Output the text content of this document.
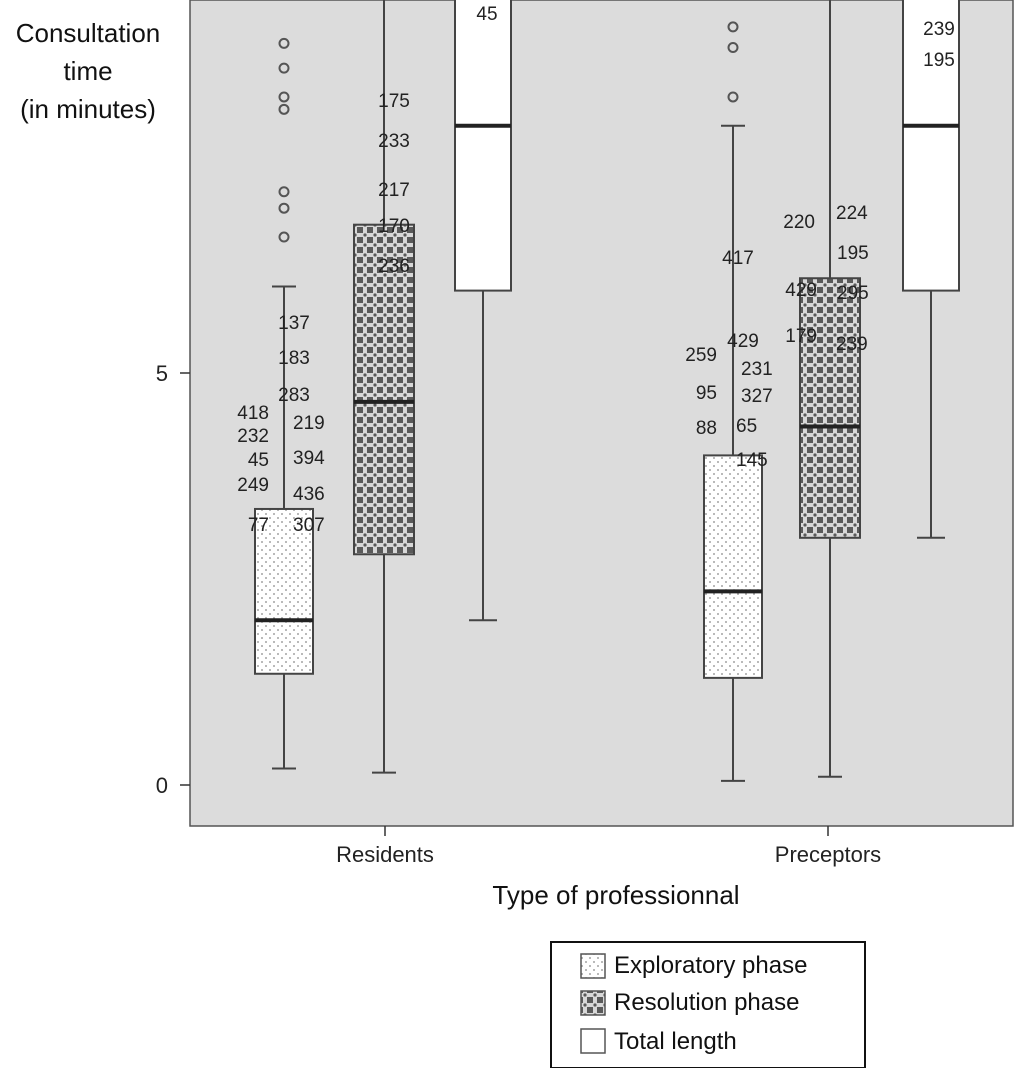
0
5
Consultation
time
(in minutes)
Residents	Preceptors
Type of professionnal
45
175
233
217
170
236
137
183
283
418 219
232
45 394
249 436
77 307
239
195
220 224
195
417
429 295
179 239
429
259
231
95 327
88 65
145
Exploratory phase
Resolution phase
Total length
